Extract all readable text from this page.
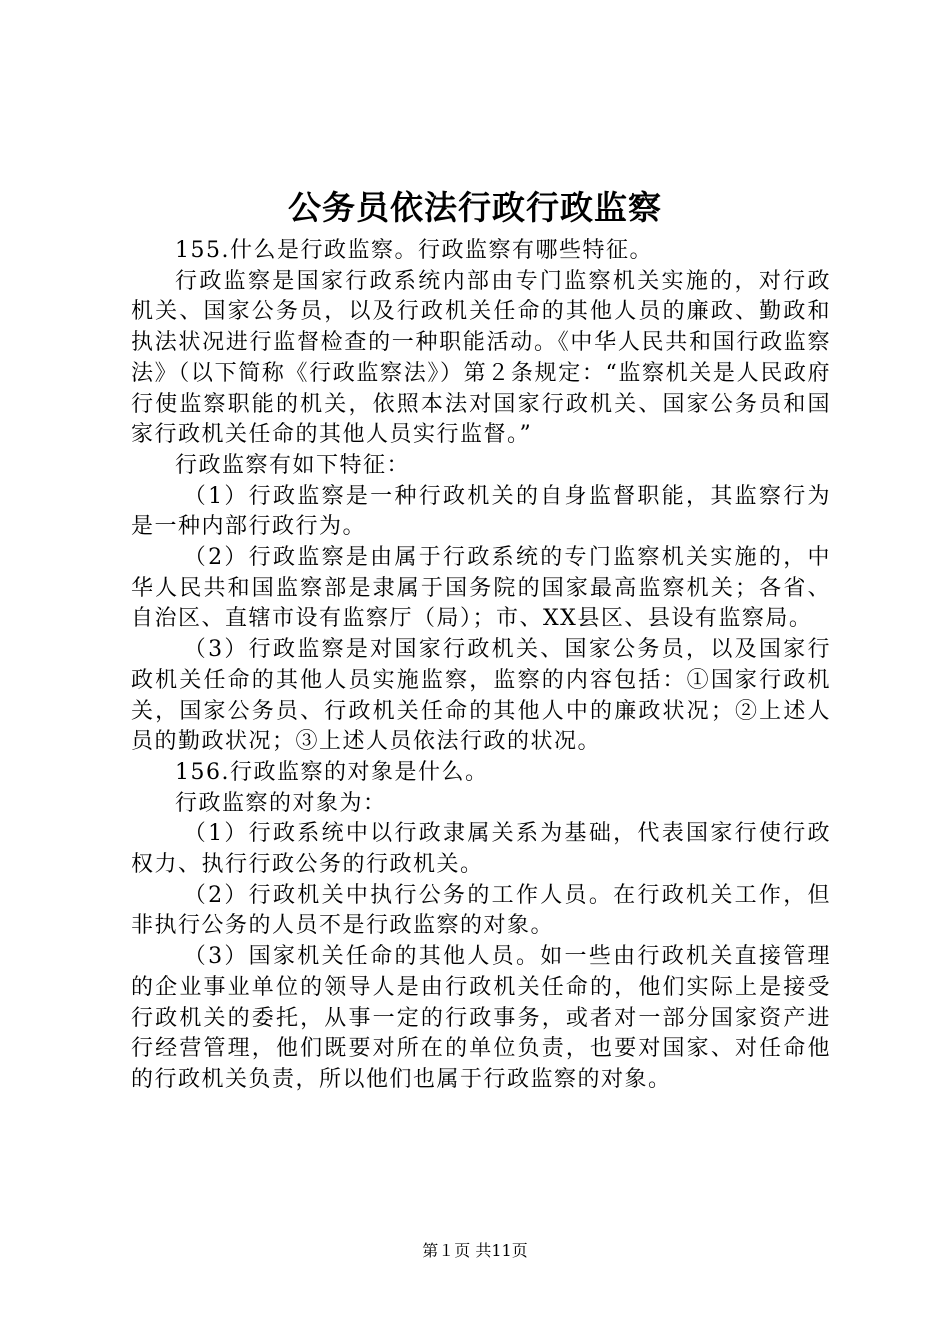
公务员依法行政行政监察

155.什么是行政监察。行政监察有哪些特征。

行政监察是国家行政系统内部由专门监察机关实施的，对行政机关、国家公务员，以及行政机关任命的其他人员的廉政、勤政和执法状况进行监督检查的一种职能活动。《中华人民共和国行政监察法》（以下简称《行政监察法》）第２条规定：“监察机关是人民政府行使监察职能的机关，依照本法对国家行政机关、国家公务员和国家行政机关任命的其他人员实行监督。”

行政监察有如下特征：

（1）行政监察是一种行政机关的自身监督职能，其监察行为是一种内部行政行为。

（2）行政监察是由属于行政系统的专门监察机关实施的，中华人民共和国监察部是隶属于国务院的国家最高监察机关；各省、自治区、直辖市设有监察厅（局）；市、XX县区、县设有监察局。

（3）行政监察是对国家行政机关、国家公务员，以及国家行政机关任命的其他人员实施监察，监察的内容包括：①国家行政机关，国家公务员、行政机关任命的其他人中的廉政状况；②上述人员的勤政状况；③上述人员依法行政的状况。

156.行政监察的对象是什么。

行政监察的对象为：

（1）行政系统中以行政隶属关系为基础，代表国家行使行政权力、执行行政公务的行政机关。

（2）行政机关中执行公务的工作人员。在行政机关工作，但非执行公务的人员不是行政监察的对象。

（3）国家机关任命的其他人员。如一些由行政机关直接管理的企业事业单位的领导人是由行政机关任命的，他们实际上是接受行政机关的委托，从事一定的行政事务，或者对一部分国家资产进行经营管理，他们既要对所在的单位负责，也要对国家、对任命他的行政机关负责，所以他们也属于行政监察的对象。

第１页 共11页
